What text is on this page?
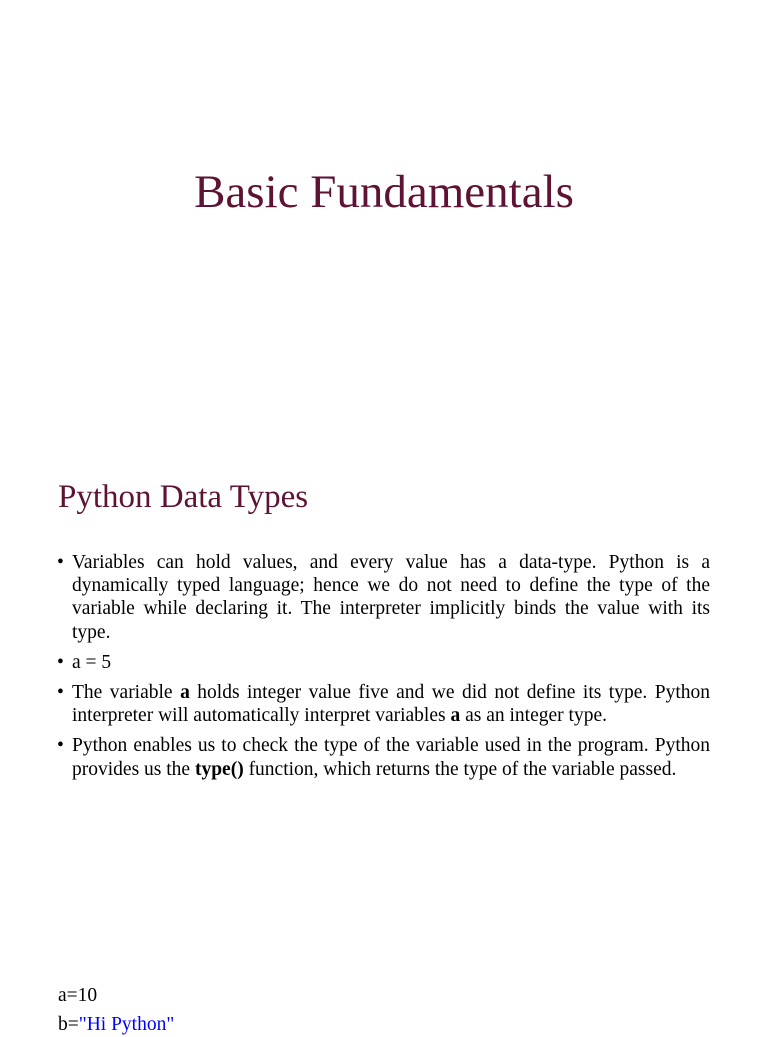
Basic Fundamentals
Python Data Types
• Variables can hold values, and every value has a data-type. Python is a dynamically typed language; hence we do not need to define the type of the variable while declaring it. The interpreter implicitly binds the value with its type.
• a = 5
• The variable a holds integer value five and we did not define its type. Python interpreter will automatically interpret variables a as an integer type.
• Python enables us to check the type of the variable used in the program. Python provides us the type() function, which returns the type of the variable passed.

a=10

b="Hi Python"
